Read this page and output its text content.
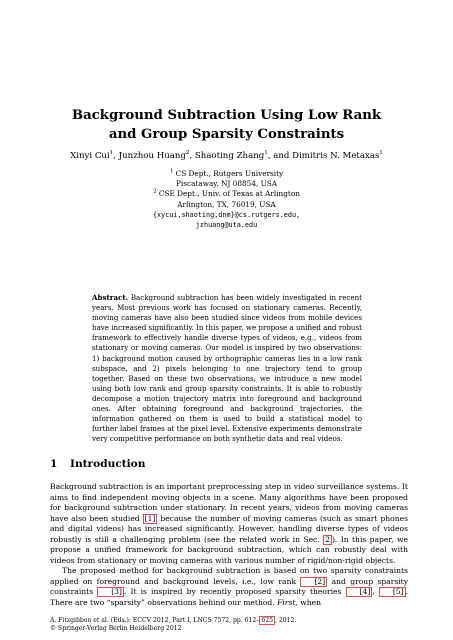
Background Subtraction Using Low Rank
and Group Sparsity Constraints
Xinyi Cui$^1$, Junzhou Huang$^2$, Shaoting Zhang$^1$, and Dimitris N. Metaxas$^1$
$^1$ CS Dept., Rutgers University
Piscataway, NJ 08854, USA
$^2$ CSE Dept., Univ. of Texas at Arlington
Arlington, TX, 76019, USA
{xycui,shaoting,dnm}@cs.rutgers.edu,
jzhuang@uta.edu
Abstract. Background subtraction has been widely investigated in recent years. Most previous work has focused on stationary cameras. Recently, moving cameras have also been studied since videos from mobile devices have increased significantly. In this paper, we propose a unified and robust framework to effectively handle diverse types of videos, e.g., videos from stationary or moving cameras. Our model is inspired by two observations: 1) background motion caused by orthographic cameras lies in a low rank subspace, and 2) pixels belonging to one trajectory tend to group together. Based on these two observations, we introduce a new model using both low rank and group sparsity constraints. It is able to robustly decompose a motion trajectory matrix into foreground and background ones. After obtaining foreground and background trajectories, the information gathered on them is used to build a statistical model to further label frames at the pixel level. Extensive experiments demonstrate very competitive performance on both synthetic data and real videos.
1 Introduction

Background subtraction is an important preprocessing step in video surveillance systems. It aims to find independent moving objects in a scene. Many algorithms have been proposed for background subtraction under stationary. In recent years, videos from moving cameras have also been studied [1] because the number of moving cameras (such as smart phones and digital videos) has increased significantly. However, handling diverse types of videos robustly is still a challenging problem (see the related work in Sec. 2 ). In this paper, we propose a unified framework for background subtraction, which can robustly deal with videos from stationary or moving cameras with various number of rigid/non-rigid objects.

The proposed method for background subtraction is based on two sparsity constraints applied on foreground and background levels, i.e., low rank [2] and group sparsity constraints [3] . It is inspired by recently proposed sparsity theories [4] , [5] . There are two “sparsity” observations behind our method. First, when

A. Fitzgibbon et al. (Eds.): ECCV 2012, Part I, LNCS 7572, pp. 612– 625 , 2012.
© Springer-Verlag Berlin Heidelberg 2012
